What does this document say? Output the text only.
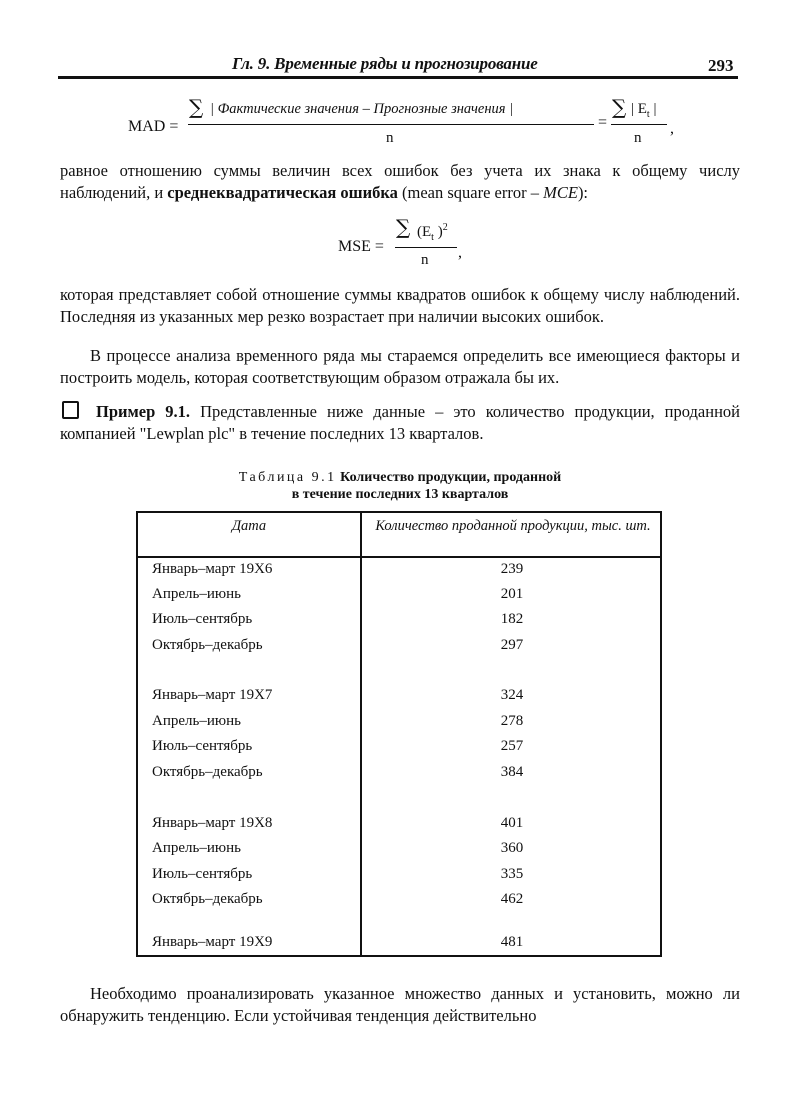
Гл. 9. Временные ряды и прогнозирование	293
MAD =
∑ | Фактические значения – Прогнозные значения |
n
=
∑ | $E_t$ |
n
,
равное отношению суммы величин всех ошибок без учета их знака к общему числу наблюдений, и среднеквадратическая ошибка (mean square error – MCE):
MSE =
∑ ($E_t$ )$^2$
n ,
которая представляет собой отношение суммы квадратов ошибок к общему числу наблюдений. Последняя из указанных мер резко возрастает при наличии высоких ошибок.
В процессе анализа временного ряда мы стараемся определить все имеющиеся факторы и построить модель, которая соответствующим образом отражала бы их.
Пример 9.1. Представленные ниже данные – это количество продукции, проданной компанией "Lewplan plc" в течение последних 13 кварталов.
Таблица 9.1 Количество продукции, проданной
в течение последних 13 кварталов
Дата	Количество проданной продукции, тыс. шт.
Январь–март 19X6	239
Апрель–июнь	201
Июль–сентябрь	182
Октябрь–декабрь	297
Январь–март 19X7	324
Апрель–июнь	278
Июль–сентябрь	257
Октябрь–декабрь	384
Январь–март 19X8	401
Апрель–июнь	360
Июль–сентябрь	335
Октябрь–декабрь	462
Январь–март 19X9	481
Необходимо проанализировать указанное множество данных и установить, можно ли обнаружить тенденцию. Если устойчивая тенденция действительно
